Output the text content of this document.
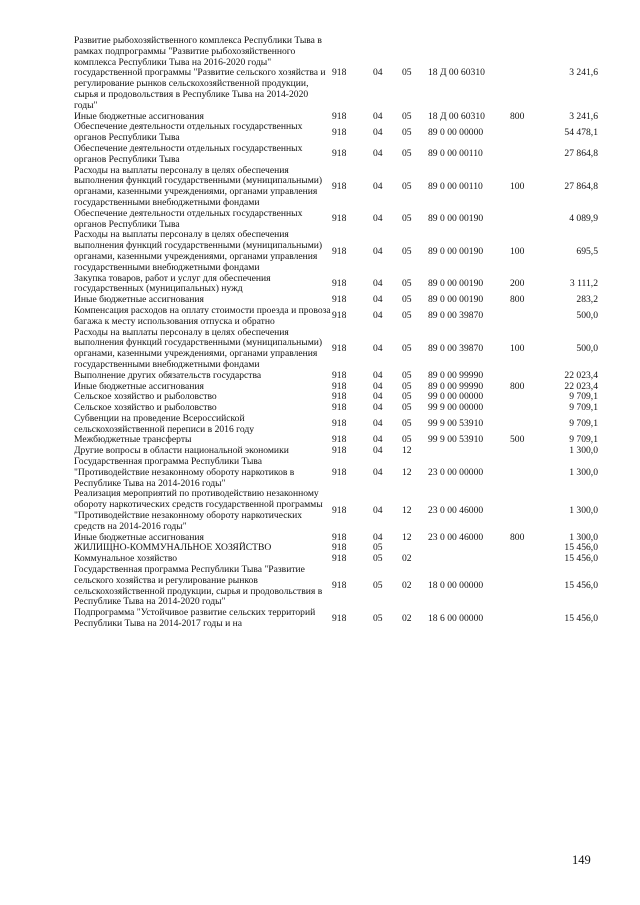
Развитие рыбохозяйственного комплекса Республики Тыва в рамках подпрограммы "Развитие рыбохозяйственного комплекса Республики Тыва на 2016-2020 годы" государственной программы "Развитие сельского хозяйства и регулирование рынков сельскохозяйственной продукции, сырья и продовольствия в Республике Тыва на 2014-2020 годы"	918	04	05	18 Д 00 60310		3 241,6
Иные бюджетные ассигнования	918	04	05	18 Д 00 60310	800	3 241,6
Обеспечение деятельности отдельных государственных органов Республики Тыва	918	04	05	89 0 00 00000		54 478,1
Обеспечение деятельности отдельных государственных органов Республики Тыва	918	04	05	89 0 00 00110		27 864,8
Расходы на выплаты персоналу в целях обеспечения выполнения функций государственными (муниципальными) органами, казенными учреждениями, органами управления государственными внебюджетными фондами	918	04	05	89 0 00 00110	100	27 864,8
Обеспечение деятельности отдельных государственных органов Республики Тыва	918	04	05	89 0 00 00190		4 089,9
Расходы на выплаты персоналу в целях обеспечения выполнения функций государственными (муниципальными) органами, казенными учреждениями, органами управления государственными внебюджетными фондами	918	04	05	89 0 00 00190	100	695,5
Закупка товаров, работ и услуг для обеспечения государственных (муниципальных) нужд	918	04	05	89 0 00 00190	200	3 111,2
Иные бюджетные ассигнования	918	04	05	89 0 00 00190	800	283,2
Компенсация расходов на оплату стоимости проезда и провоза багажа к месту использования отпуска и обратно	918	04	05	89 0 00 39870		500,0
Расходы на выплаты персоналу в целях обеспечения выполнения функций государственными (муниципальными) органами, казенными учреждениями, органами управления государственными внебюджетными фондами	918	04	05	89 0 00 39870	100	500,0
Выполнение других обязательств государства	918	04	05	89 0 00 99990		22 023,4
Иные бюджетные ассигнования	918	04	05	89 0 00 99990	800	22 023,4
Сельское хозяйство и рыболовство	918	04	05	99 0 00 00000		9 709,1
Сельское хозяйство и рыболовство	918	04	05	99 9 00 00000		9 709,1
Субвенции на проведение Всероссийской сельскохозяйственной переписи в 2016 году	918	04	05	99 9 00 53910		9 709,1
Межбюджетные трансферты	918	04	05	99 9 00 53910	500	9 709,1
Другие вопросы в области национальной экономики	918	04	12			1 300,0
Государственная программа Республики Тыва "Противодействие незаконному обороту наркотиков в Республике Тыва на 2014-2016 годы"	918	04	12	23 0 00 00000		1 300,0
Реализация мероприятий по противодействию незаконному обороту наркотических средств государственной программы "Противодействие незаконному обороту наркотических средств на 2014-2016 годы"	918	04	12	23 0 00 46000		1 300,0
Иные бюджетные ассигнования	918	04	12	23 0 00 46000	800	1 300,0
ЖИЛИЩНО-КОММУНАЛЬНОЕ ХОЗЯЙСТВО	918	05				15 456,0
Коммунальное хозяйство	918	05	02			15 456,0
Государственная программа Республики Тыва "Развитие сельского хозяйства и регулирование рынков сельскохозяйственной продукции, сырья и продовольствия в Республике Тыва на 2014-2020 годы"	918	05	02	18 0 00 00000		15 456,0
Подпрограмма "Устойчивое развитие сельских территорий Республики Тыва на 2014-2017 годы и на	918	05	02	18 6 00 00000		15 456,0
149
